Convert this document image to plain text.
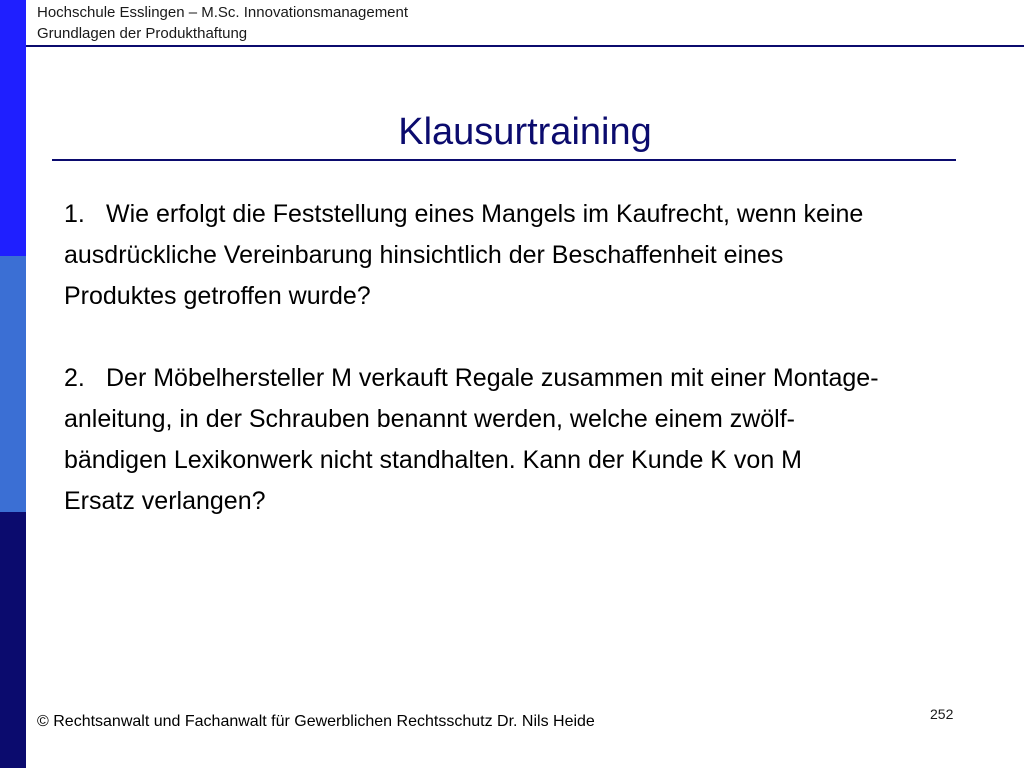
Hochschule Esslingen – M.Sc. Innovationsmanagement
Grundlagen der Produkthaftung
Klausurtraining

1. Wie erfolgt die Feststellung eines Mangels im Kaufrecht, wenn keine
ausdrückliche Vereinbarung hinsichtlich der Beschaffenheit eines
Produktes getroffen wurde?

2. Der Möbelhersteller M verkauft Regale zusammen mit einer Montage-
anleitung, in der Schrauben benannt werden, welche einem zwölf-
bändigen Lexikonwerk nicht standhalten. Kann der Kunde K von M
Ersatz verlangen?

252
© Rechtsanwalt und Fachanwalt für Gewerblichen Rechtsschutz Dr. Nils Heide
